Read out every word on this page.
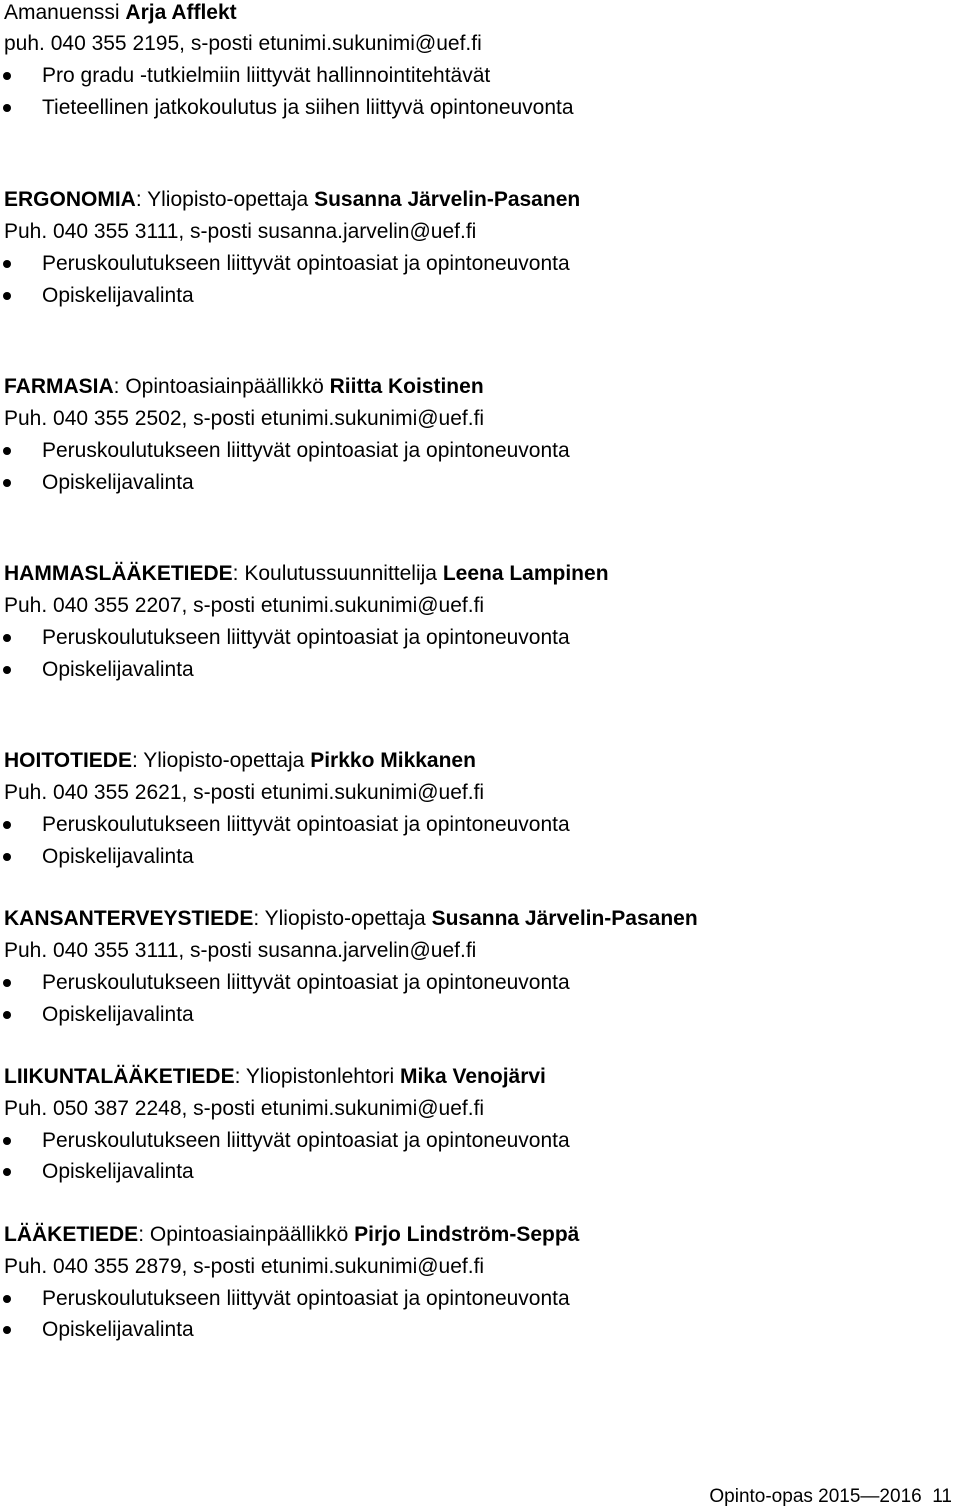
Amanuenssi Arja Afflekt
puh. 040 355 2195, s-posti etunimi.sukunimi@uef.fi
Pro gradu -tutkielmiin liittyvät hallinnointitehtävät
Tieteellinen jatkokoulutus ja siihen liittyvä opintoneuvonta
ERGONOMIA: Yliopisto-opettaja Susanna Järvelin-Pasanen
Puh. 040 355 3111, s-posti susanna.jarvelin@uef.fi
Peruskoulutukseen liittyvät opintoasiat ja opintoneuvonta
Opiskelijavalinta
FARMASIA: Opintoasiainpäällikkö Riitta Koistinen
Puh. 040 355 2502, s-posti etunimi.sukunimi@uef.fi
Peruskoulutukseen liittyvät opintoasiat ja opintoneuvonta
Opiskelijavalinta
HAMMASLÄÄKETIEDE: Koulutussuunnittelija Leena Lampinen
Puh. 040 355 2207, s-posti etunimi.sukunimi@uef.fi
Peruskoulutukseen liittyvät opintoasiat ja opintoneuvonta
Opiskelijavalinta
HOITOTIEDE: Yliopisto-opettaja Pirkko Mikkanen
Puh. 040 355 2621, s-posti etunimi.sukunimi@uef.fi
Peruskoulutukseen liittyvät opintoasiat ja opintoneuvonta
Opiskelijavalinta
KANSANTERVEYSTIEDE: Yliopisto-opettaja Susanna Järvelin-Pasanen
Puh. 040 355 3111, s-posti susanna.jarvelin@uef.fi
Peruskoulutukseen liittyvät opintoasiat ja opintoneuvonta
Opiskelijavalinta
LIIKUNTALÄÄKETIEDE: Yliopistonlehtori Mika Venojärvi
Puh. 050 387 2248, s-posti etunimi.sukunimi@uef.fi
Peruskoulutukseen liittyvät opintoasiat ja opintoneuvonta
Opiskelijavalinta
LÄÄKETIEDE: Opintoasiainpäällikkö Pirjo Lindström-Seppä
Puh. 040 355 2879, s-posti etunimi.sukunimi@uef.fi
Peruskoulutukseen liittyvät opintoasiat ja opintoneuvonta
Opiskelijavalinta
Opinto-opas 2015—2016 11
